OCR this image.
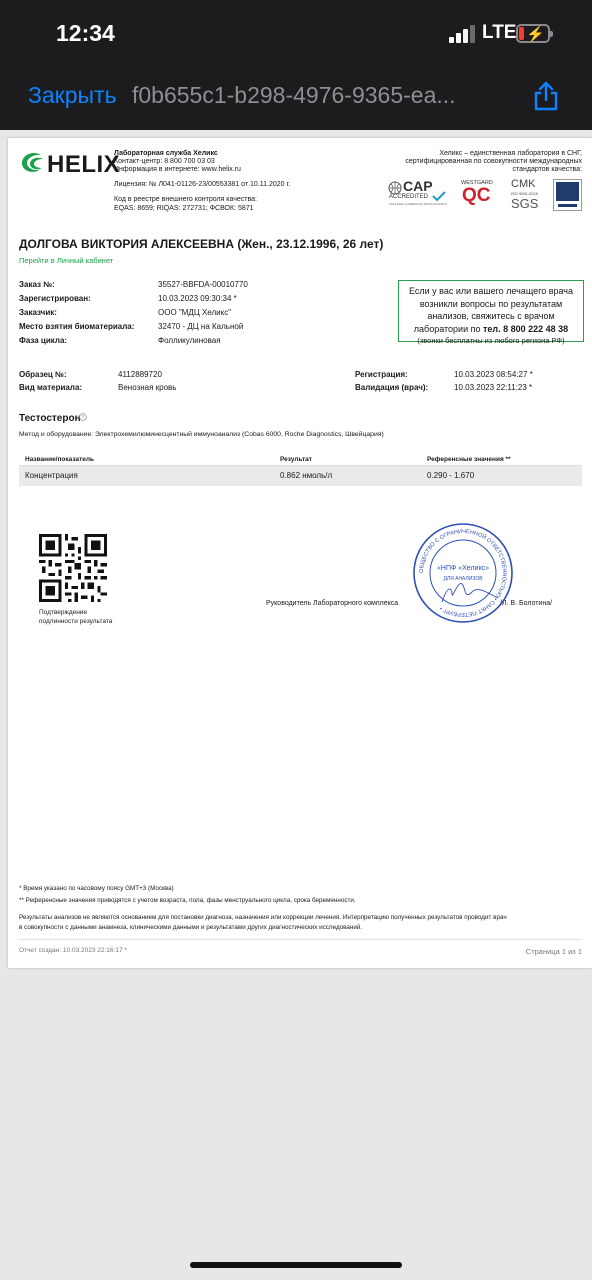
12:34	LTE ⚡
Закрыть f0b655c1-b298-4976-9365-ea...
HELIX
Лабораторная служба Хеликс
Контакт-центр: 8 800 700 03 03
Информация в интернете: www.helix.ru
Лицензия: № Л041-01126-23/00553381 от 10.11.2020 г.
Код в реестре внешнего контроля качества:
EQAS: 8659; RIQAS: 272731; ФСВОК: 5871
Хеликс – единственная лаборатория в СНГ,
сертифицированная по совокупности международных
стандартов качества:
CAP
ACCREDITED
COLLEGE of AMERICAN PATHOLOGISTS
WESTGARD
QC
CMK
ISO 9001:2015
SGS
ДОЛГОВА ВИКТОРИЯ АЛЕКСЕЕВНА (Жен., 23.12.1996, 26 лет)
Перейти в Личный кабинет
Заказ №:	35527-BBFDA-00010770
Зарегистрирован:	10.03.2023 09:30:34 *
Заказчик:	ООО "МДЦ Хеликс"
Место взятия биоматериала:	32470 - ДЦ на Кальной
Фаза цикла:	Фолликулиновая
Если у вас или вашего лечащего врача
возникли вопросы по результатам
анализов, свяжитесь с врачом
лаборатории по тел. 8 800 222 48 38
(звонки бесплатны из любого региона РФ)
Образец №:	4112889720
Вид материала:	Венозная кровь
Регистрация:	10.03.2023 08:54:27 *
Валидация (врач):	10.03.2023 22:11:23 *
Тестостерон ?
Метод и оборудование: Электрохемилюминесцентный иммуноанализ (Cobas 6000, Roche Diagnostics, Швейцария)
Название/показатель	Результат	Референсные значения **
Концентрация	0.862 нмоль/л	0.290 - 1.670
Подтверждение
подлинности результата
Руководитель Лабораторного комплекса	/Л. В. Болотина/
ОБЩЕСТВО С ОГРАНИЧЕННОЙ ОТВЕТСТВЕННОСТЬЮ • САНКТ-ПЕТЕРБУРГ •
«НПФ «Хеликс»
ДЛЯ АНАЛИЗОВ
* Время указано по часовому поясу GMT+3 (Москва)
** Референсные значения приводятся с учетом возраста, пола, фазы менструального цикла, срока беременности.
Результаты анализов не являются основанием для постановки диагноза, назначения или коррекции лечения. Интерпретацию полученных результатов проводит врач
в совокупности с данными анамнеза, клиническими данными и результатами других диагностических исследований.
Отчет создан: 10.03.2023 22:16:17 *	Страница 1 из 1
